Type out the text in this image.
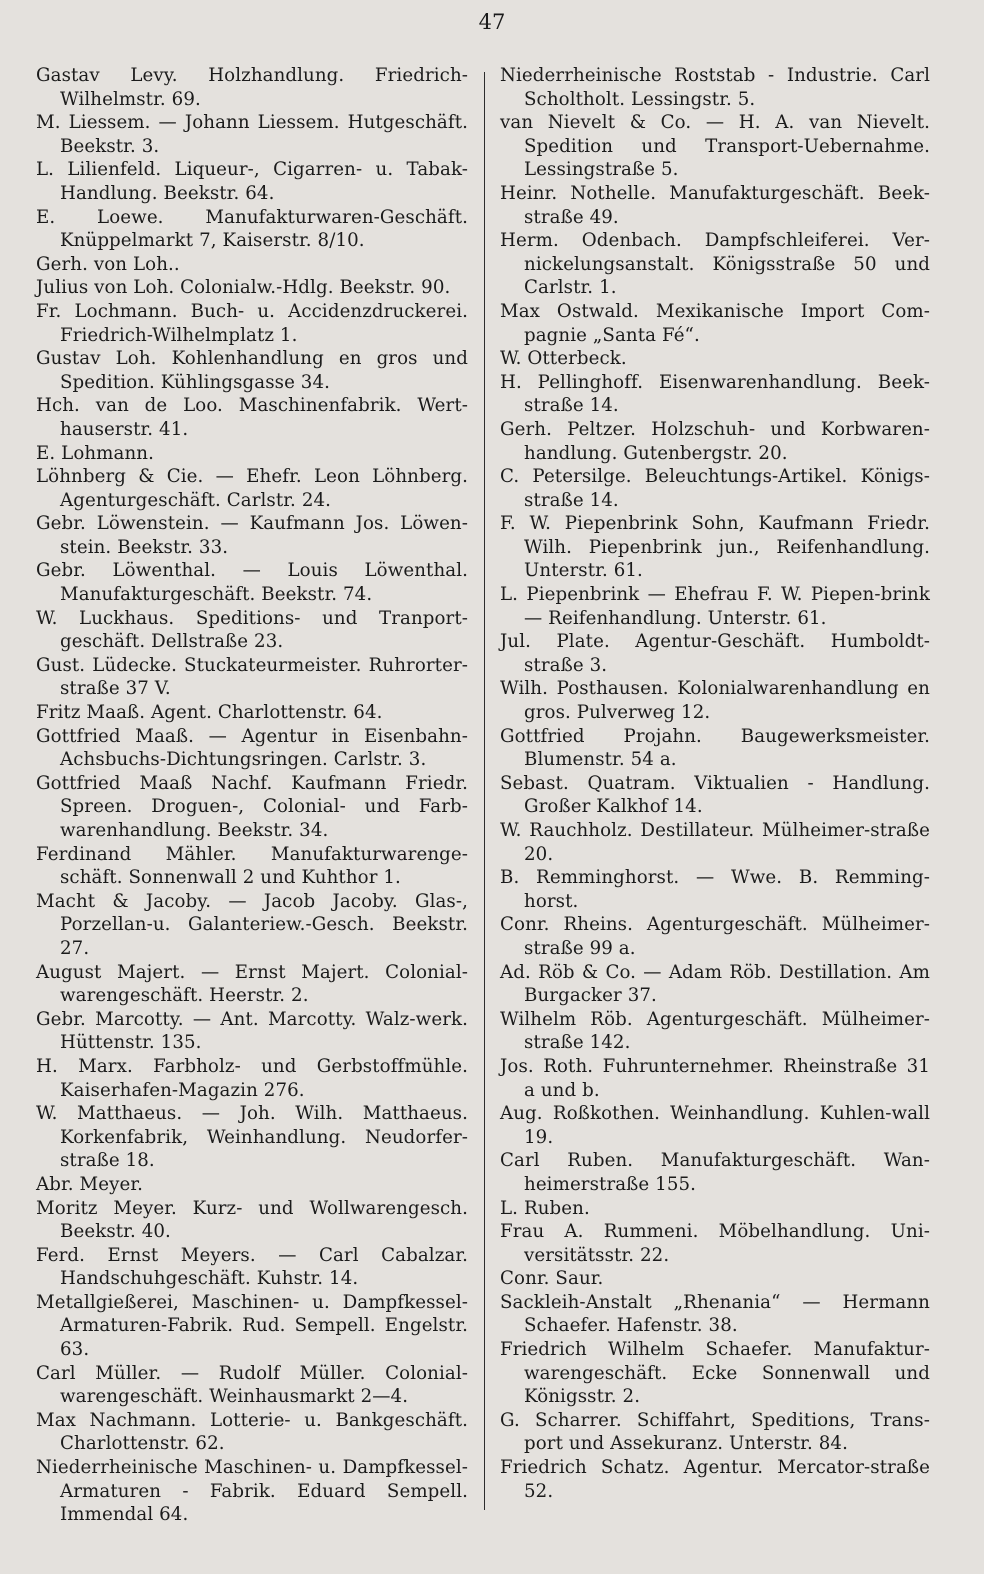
47
Gastav Levy. Holzhandlung. Friedrich-Wilhelmstr. 69.
M. Liessem. — Johann Liessem. Hutgeschäft. Beekstr. 3.
L. Lilienfeld. Liqueur-, Cigarren- u. Tabak-Handlung. Beekstr. 64.
E. Loewe. Manufakturwaren-Geschäft. Knüppelmarkt 7, Kaiserstr. 8/10.
Gerh. von Loh..
Julius von Loh. Colonialw.-Hdlg. Beekstr. 90.
Fr. Lochmann. Buch- u. Accidenzdruckerei. Friedrich-Wilhelmplatz 1.
Gustav Loh. Kohlenhandlung en gros und Spedition. Kühlingsgasse 34.
Hch. van de Loo. Maschinenfabrik. Wert-hauserstr. 41.
E. Lohmann.
Löhnberg & Cie. — Ehefr. Leon Löhnberg. Agenturgeschäft. Carlstr. 24.
Gebr. Löwenstein. — Kaufmann Jos. Löwen-stein. Beekstr. 33.
Gebr. Löwenthal. — Louis Löwenthal. Manufakturgeschäft. Beekstr. 74.
W. Luckhaus. Speditions- und Tranport-geschäft. Dellstraße 23.
Gust. Lüdecke. Stuckateurmeister. Ruhrorter-straße 37 V.
Fritz Maaß. Agent. Charlottenstr. 64.
Gottfried Maaß. — Agentur in Eisenbahn-Achsbuchs-Dichtungsringen. Carlstr. 3.
Gottfried Maaß Nachf. Kaufmann Friedr. Spreen. Droguen-, Colonial- und Farb-warenhandlung. Beekstr. 34.
Ferdinand Mähler. Manufakturwarenge-schäft. Sonnenwall 2 und Kuhthor 1.
Macht & Jacoby. — Jacob Jacoby. Glas-, Porzellan-u. Galanteriew.-Gesch. Beekstr. 27.
August Majert. — Ernst Majert. Colonial-warengeschäft. Heerstr. 2.
Gebr. Marcotty. — Ant. Marcotty. Walz-werk. Hüttenstr. 135.
H. Marx. Farbholz- und Gerbstoffmühle. Kaiserhafen-Magazin 276.
W. Matthaeus. — Joh. Wilh. Matthaeus. Korkenfabrik, Weinhandlung. Neudorfer-straße 18.
Abr. Meyer.
Moritz Meyer. Kurz- und Wollwarengesch. Beekstr. 40.
Ferd. Ernst Meyers. — Carl Cabalzar. Handschuhgeschäft. Kuhstr. 14.
Metallgießerei, Maschinen- u. Dampfkessel-Armaturen-Fabrik. Rud. Sempell. Engelstr. 63.
Carl Müller. — Rudolf Müller. Colonial-warengeschäft. Weinhausmarkt 2—4.
Max Nachmann. Lotterie- u. Bankgeschäft. Charlottenstr. 62.
Niederrheinische Maschinen- u. Dampfkessel-Armaturen - Fabrik. Eduard Sempell. Immendal 64.
Niederrheinische Roststab - Industrie. Carl Scholtholt. Lessingstr. 5.
van Nievelt & Co. — H. A. van Nievelt. Spedition und Transport-Uebernahme. Lessingstraße 5.
Heinr. Nothelle. Manufakturgeschäft. Beek-straße 49.
Herm. Odenbach. Dampfschleiferei. Ver-nickelungsanstalt. Königsstraße 50 und Carlstr. 1.
Max Ostwald. Mexikanische Import Com-pagnie „Santa Fé“.
W. Otterbeck.
H. Pellinghoff. Eisenwarenhandlung. Beek-straße 14.
Gerh. Peltzer. Holzschuh- und Korbwaren-handlung. Gutenbergstr. 20.
C. Petersilge. Beleuchtungs-Artikel. Königs-straße 14.
F. W. Piepenbrink Sohn, Kaufmann Friedr. Wilh. Piepenbrink jun., Reifenhandlung. Unterstr. 61.
L. Piepenbrink — Ehefrau F. W. Piepen-brink — Reifenhandlung. Unterstr. 61.
Jul. Plate. Agentur-Geschäft. Humboldt-straße 3.
Wilh. Posthausen. Kolonialwarenhandlung en gros. Pulverweg 12.
Gottfried Projahn. Baugewerksmeister. Blumenstr. 54 a.
Sebast. Quatram. Viktualien - Handlung. Großer Kalkhof 14.
W. Rauchholz. Destillateur. Mülheimer-straße 20.
B. Remminghorst. — Wwe. B. Remming-horst.
Conr. Rheins. Agenturgeschäft. Mülheimer-straße 99 a.
Ad. Röb & Co. — Adam Röb. Destillation. Am Burgacker 37.
Wilhelm Röb. Agenturgeschäft. Mülheimer-straße 142.
Jos. Roth. Fuhrunternehmer. Rheinstraße 31 a und b.
Aug. Roßkothen. Weinhandlung. Kuhlen-wall 19.
Carl Ruben. Manufakturgeschäft. Wan-heimerstraße 155.
L. Ruben.
Frau A. Rummeni. Möbelhandlung. Uni-versitätsstr. 22.
Conr. Saur.
Sackleih-Anstalt „Rhenania“ — Hermann Schaefer. Hafenstr. 38.
Friedrich Wilhelm Schaefer. Manufaktur-warengeschäft. Ecke Sonnenwall und Königsstr. 2.
G. Scharrer. Schiffahrt, Speditions, Trans-port und Assekuranz. Unterstr. 84.
Friedrich Schatz. Agentur. Mercator-straße 52.
